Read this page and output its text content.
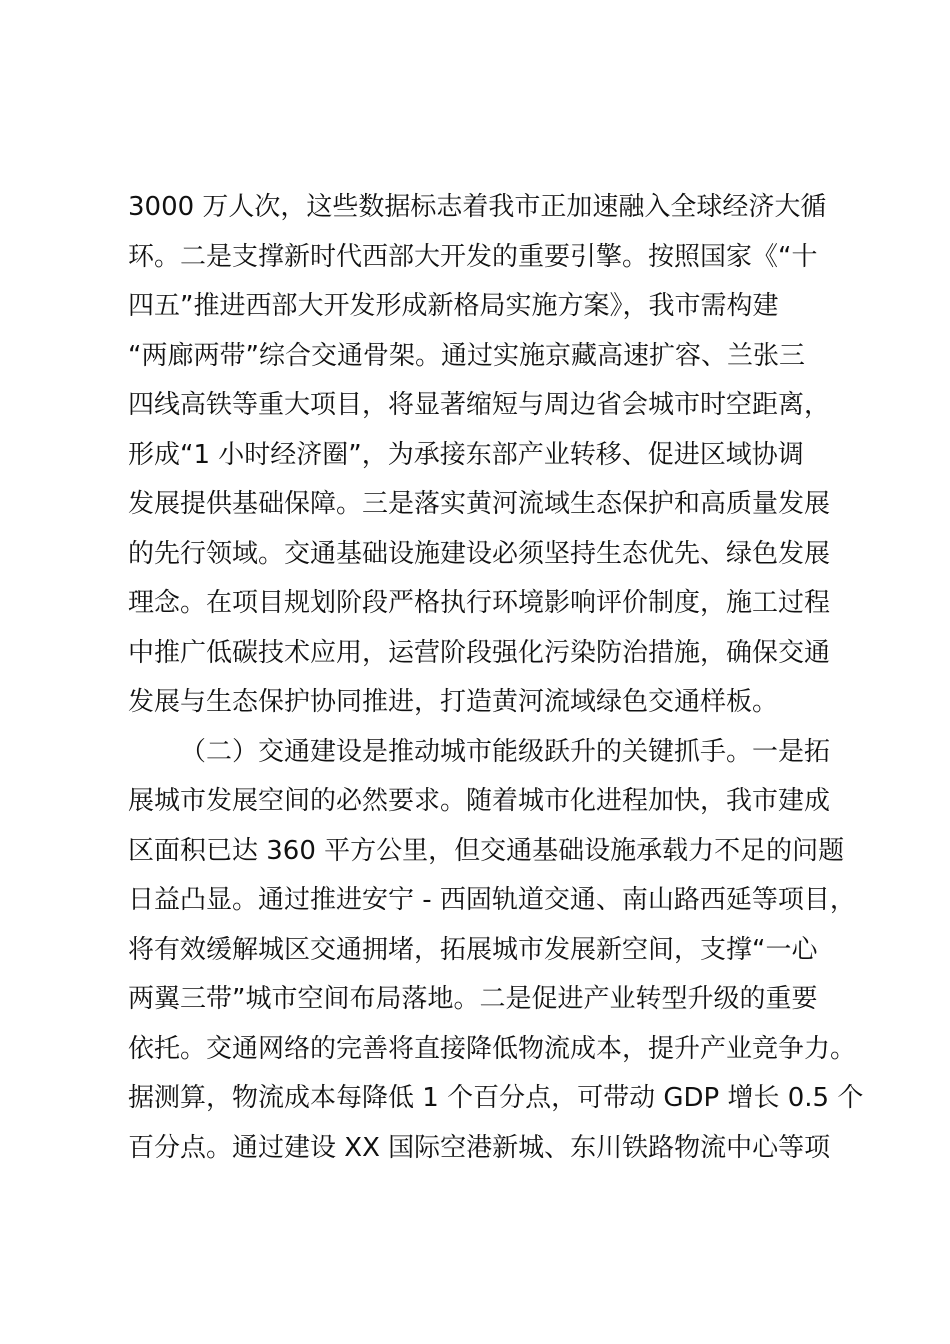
3000 万人次，这些数据标志着我市正加速融入全球经济大循
环。二是支撑新时代西部大开发的重要引擎。按照国家《“十
四五”推进西部大开发形成新格局实施方案》，我市需构建
“两廊两带”综合交通骨架。通过实施京藏高速扩容、兰张三
四线高铁等重大项目，将显著缩短与周边省会城市时空距离，
形成“1 小时经济圈”，为承接东部产业转移、促进区域协调
发展提供基础保障。三是落实黄河流域生态保护和高质量发展
的先行领域。交通基础设施建设必须坚持生态优先、绿色发展
理念。在项目规划阶段严格执行环境影响评价制度，施工过程
中推广低碳技术应用，运营阶段强化污染防治措施，确保交通
发展与生态保护协同推进，打造黄河流域绿色交通样板。
（二）交通建设是推动城市能级跃升的关键抓手。一是拓
展城市发展空间的必然要求。随着城市化进程加快，我市建成
区面积已达 360 平方公里，但交通基础设施承载力不足的问题
日益凸显。通过推进安宁 - 西固轨道交通、南山路西延等项目，
将有效缓解城区交通拥堵，拓展城市发展新空间，支撑“一心
两翼三带”城市空间布局落地。二是促进产业转型升级的重要
依托。交通网络的完善将直接降低物流成本，提升产业竞争力。
据测算，物流成本每降低 1 个百分点，可带动 GDP 增长 0.5 个
百分点。通过建设 XX 国际空港新城、东川铁路物流中心等项
